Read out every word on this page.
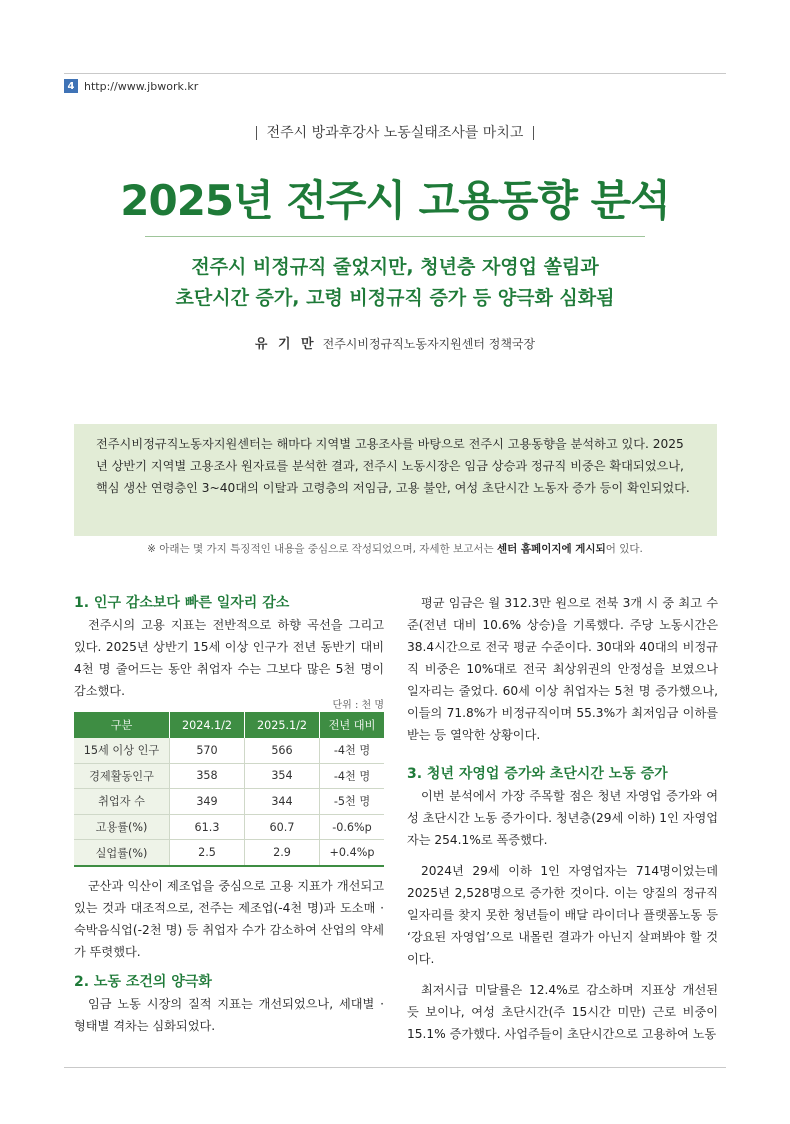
4 http://www.jbwork.kr
전주시 방과후강사 노동실태조사를 마치고
2025년 전주시 고용동향 분석
전주시 비정규직 줄었지만, 청년층 자영업 쏠림과
초단시간 증가, 고령 비정규직 증가 등 양극화 심화됨
유 기 만 전주시비정규직노동자지원센터 정책국장
전주시비정규직노동자지원센터는 해마다 지역별 고용조사를 바탕으로 전주시 고용동향을 분석하고 있다. 2025년 상반기 지역별 고용조사 원자료를 분석한 결과, 전주시 노동시장은 임금 상승과 정규직 비중은 확대되었으나, 핵심 생산 연령층인 3~40대의 이탈과 고령층의 저임금, 고용 불안, 여성 초단시간 노동자 증가 등이 확인되었다.
※ 아래는 몇 가지 특징적인 내용을 중심으로 작성되었으며, 자세한 보고서는 센터 홈페이지에 게시되어 있다.
1. 인구 감소보다 빠른 일자리 감소

전주시의 고용 지표는 전반적으로 하향 곡선을 그리고 있다. 2025년 상반기 15세 이상 인구가 전년 동반기 대비 4천 명 줄어드는 동안 취업자 수는 그보다 많은 5천 명이 감소했다.

단위 : 천 명
구분	2024.1/2	2025.1/2	전년 대비
15세 이상 인구	570	566	-4천 명
경제활동인구	358	354	-4천 명
취업자 수	349	344	-5천 명
고용률(%)	61.3	60.7	-0.6%p
실업률(%)	2.5	2.9	+0.4%p

군산과 익산이 제조업을 중심으로 고용 지표가 개선되고 있는 것과 대조적으로, 전주는 제조업(-4천 명)과 도소매 · 숙박음식업(-2천 명) 등 취업자 수가 감소하여 산업의 약세가 뚜렷했다.

2. 노동 조건의 양극화

임금 노동 시장의 질적 지표는 개선되었으나, 세대별 · 형태별 격차는 심화되었다.

평균 임금은 월 312.3만 원으로 전북 3개 시 중 최고 수준(전년 대비 10.6% 상승)을 기록했다. 주당 노동시간은 38.4시간으로 전국 평균 수준이다. 30대와 40대의 비정규직 비중은 10%대로 전국 최상위권의 안정성을 보였으나 일자리는 줄었다. 60세 이상 취업자는 5천 명 증가했으나, 이들의 71.8%가 비정규직이며 55.3%가 최저임금 이하를 받는 등 열악한 상황이다.

3. 청년 자영업 증가와 초단시간 노동 증가

이번 분석에서 가장 주목할 점은 청년 자영업 증가와 여성 초단시간 노동 증가이다. 청년층(29세 이하) 1인 자영업자는 254.1%로 폭증했다.

2024년 29세 이하 1인 자영업자는 714명이었는데 2025년 2,528명으로 증가한 것이다. 이는 양질의 정규직 일자리를 찾지 못한 청년들이 배달 라이더나 플랫폼노동 등 ‘강요된 자영업’으로 내몰린 결과가 아닌지 살펴봐야 할 것이다.

최저시급 미달률은 12.4%로 감소하며 지표상 개선된 듯 보이나, 여성 초단시간(주 15시간 미만) 근로 비중이 15.1% 증가했다. 사업주들이 초단시간으로 고용하여 노동
